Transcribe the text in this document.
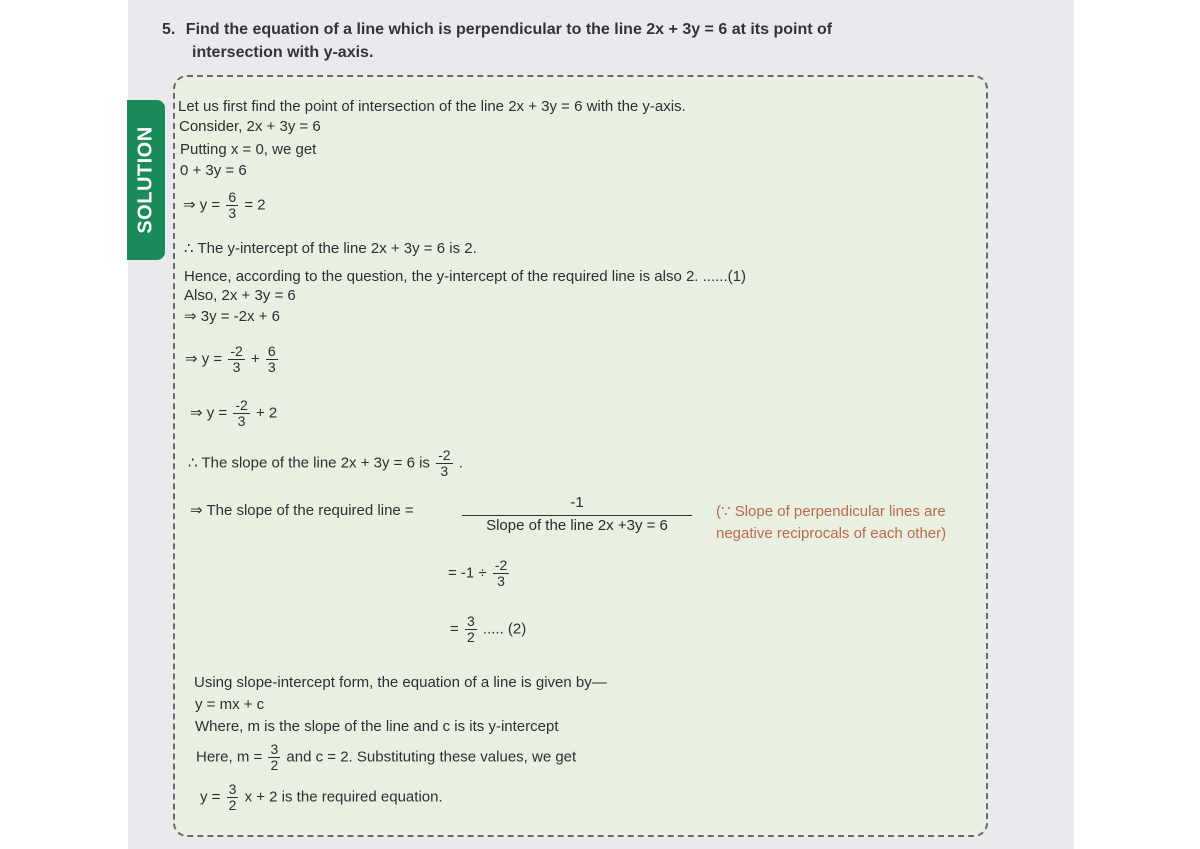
5. Find the equation of a line which is perpendicular to the line 2x + 3y = 6 at its point of
intersection with y-axis.
SOLUTION
Let us first find the point of intersection of the line 2x + 3y = 6 with the y-axis.
Consider, 2x + 3y = 6
Putting x = 0, we get
0 + 3y = 6
⇒ $y = \frac{6}{3} = 2$
∴ The y-intercept of the line 2x + 3y = 6 is 2.
Hence, according to the question, the y-intercept of the required line is also 2. ......(1)
Also, 2x + 3y = 6
⇒ 3y = -2x + 6
⇒ $y = \frac{-2}{3} + \frac{6}{3}$
⇒ $y = \frac{-2}{3} + 2$
∴ The slope of the line 2x + 3y = 6 is $\frac{-2}{3}$ .
⇒ The slope of the required line =	-1
Slope of the line 2x +3y = 6
(∵ Slope of perpendicular lines are
negative reciprocals of each other)
= $-1 \div \frac{-2}{3}$
= $\frac{3}{2}$ ..... (2)
Using slope-intercept form, the equation of a line is given by—
y = mx + c
Where, m is the slope of the line and c is its y-intercept
Here, $m = \frac{3}{2}$ and c = 2. Substituting these values, we get
$y = \frac{3}{2}$ x + 2 is the required equation.
